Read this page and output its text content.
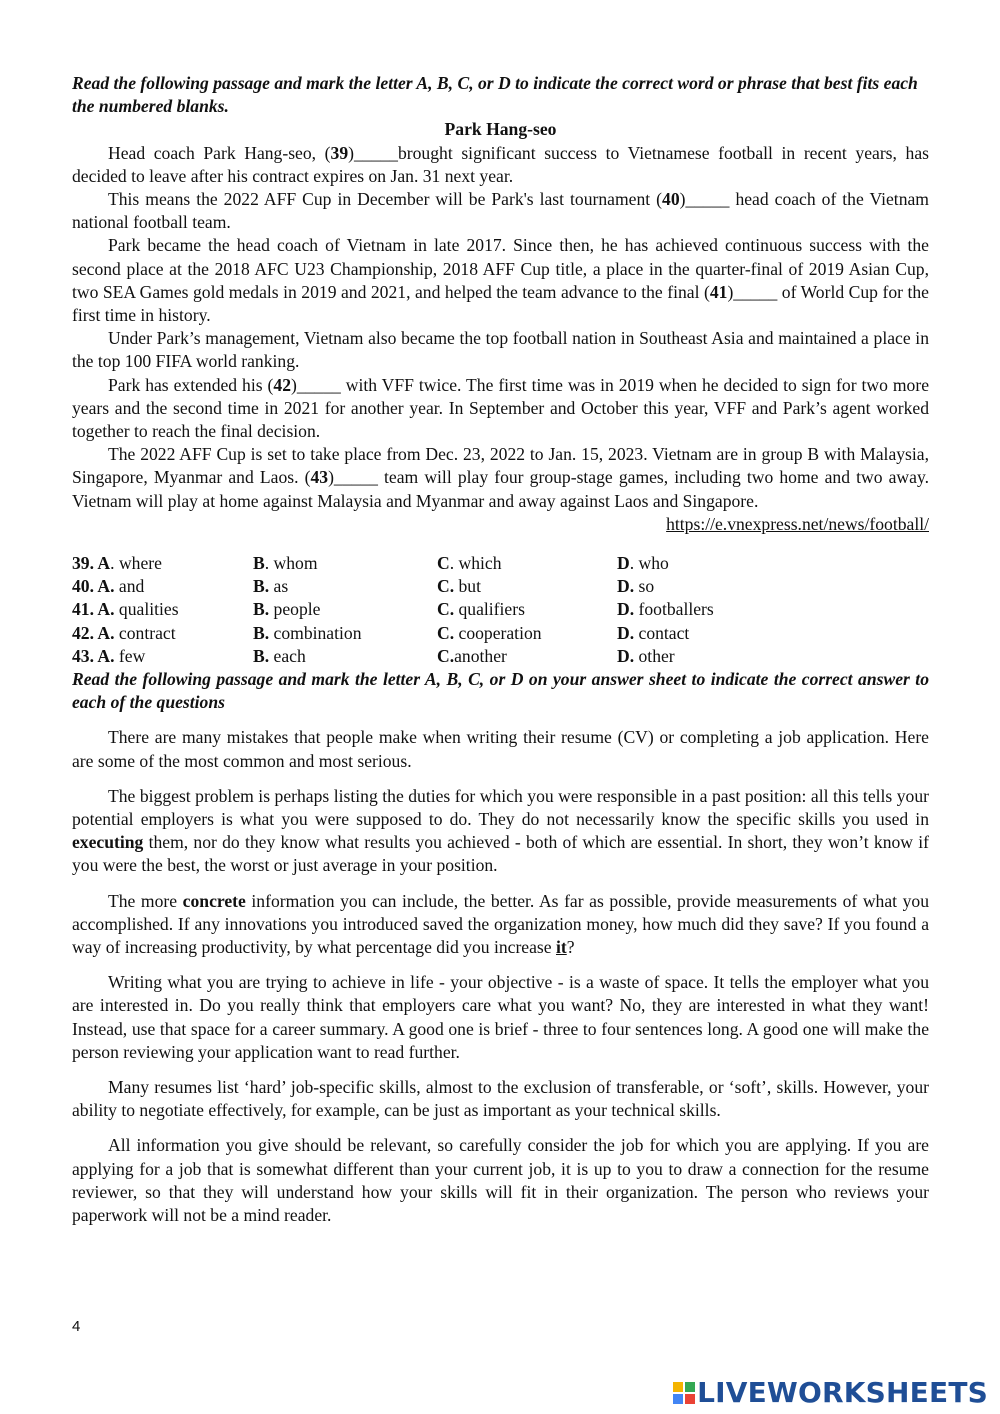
Read the following passage and mark the letter A, B, C, or D to indicate the correct word or phrase that best fits each the numbered blanks.

Park Hang-seo

Head coach Park Hang-seo, (39)_____brought significant success to Vietnamese football in recent years, has decided to leave after his contract expires on Jan. 31 next year.

This means the 2022 AFF Cup in December will be Park's last tournament (40)_____ head coach of the Vietnam national football team.

Park became the head coach of Vietnam in late 2017. Since then, he has achieved continuous success with the second place at the 2018 AFC U23 Championship, 2018 AFF Cup title, a place in the quarter-final of 2019 Asian Cup, two SEA Games gold medals in 2019 and 2021, and helped the team advance to the final (41)_____ of World Cup for the first time in history.

Under Park’s management, Vietnam also became the top football nation in Southeast Asia and maintained a place in the top 100 FIFA world ranking.

Park has extended his (42)_____ with VFF twice. The first time was in 2019 when he decided to sign for two more years and the second time in 2021 for another year. In September and October this year, VFF and Park’s agent worked together to reach the final decision.

The 2022 AFF Cup is set to take place from Dec. 23, 2022 to Jan. 15, 2023. Vietnam are in group B with Malaysia, Singapore, Myanmar and Laos. (43)_____ team will play four group-stage games, including two home and two away. Vietnam will play at home against Malaysia and Myanmar and away against Laos and Singapore.

https://e.vnexpress.net/news/football/

39. A. where	B. whom	C. which	D. who
40. A. and	B. as	C. but	D. so
41. A. qualities	B. people	C. qualifiers	D. footballers
42. A. contract	B. combination	C. cooperation	D. contact
43. A. few	B. each	C.another	D. other

Read the following passage and mark the letter A, B, C, or D on your answer sheet to indicate the correct answer to each of the questions

There are many mistakes that people make when writing their resume (CV) or completing a job application. Here are some of the most common and most serious.

The biggest problem is perhaps listing the duties for which you were responsible in a past position: all this tells your potential employers is what you were supposed to do. They do not necessarily know the specific skills you used in executing them, nor do they know what results you achieved - both of which are essential. In short, they won’t know if you were the best, the worst or just average in your position.

The more concrete information you can include, the better. As far as possible, provide measurements of what you accomplished. If any innovations you introduced saved the organization money, how much did they save? If you found a way of increasing productivity, by what percentage did you increase it?

Writing what you are trying to achieve in life - your objective - is a waste of space. It tells the employer what you are interested in. Do you really think that employers care what you want? No, they are interested in what they want! Instead, use that space for a career summary. A good one is brief - three to four sentences long. A good one will make the person reviewing your application want to read further.

Many resumes list ‘hard’ job-specific skills, almost to the exclusion of transferable, or ‘soft’, skills. However, your ability to negotiate effectively, for example, can be just as important as your technical skills.

All information you give should be relevant, so carefully consider the job for which you are applying. If you are applying for a job that is somewhat different than your current job, it is up to you to draw a connection for the resume reviewer, so that they will understand how your skills will fit in their organization. The person who reviews your paperwork will not be a mind reader.

4
LIVEWORKSHEETS
